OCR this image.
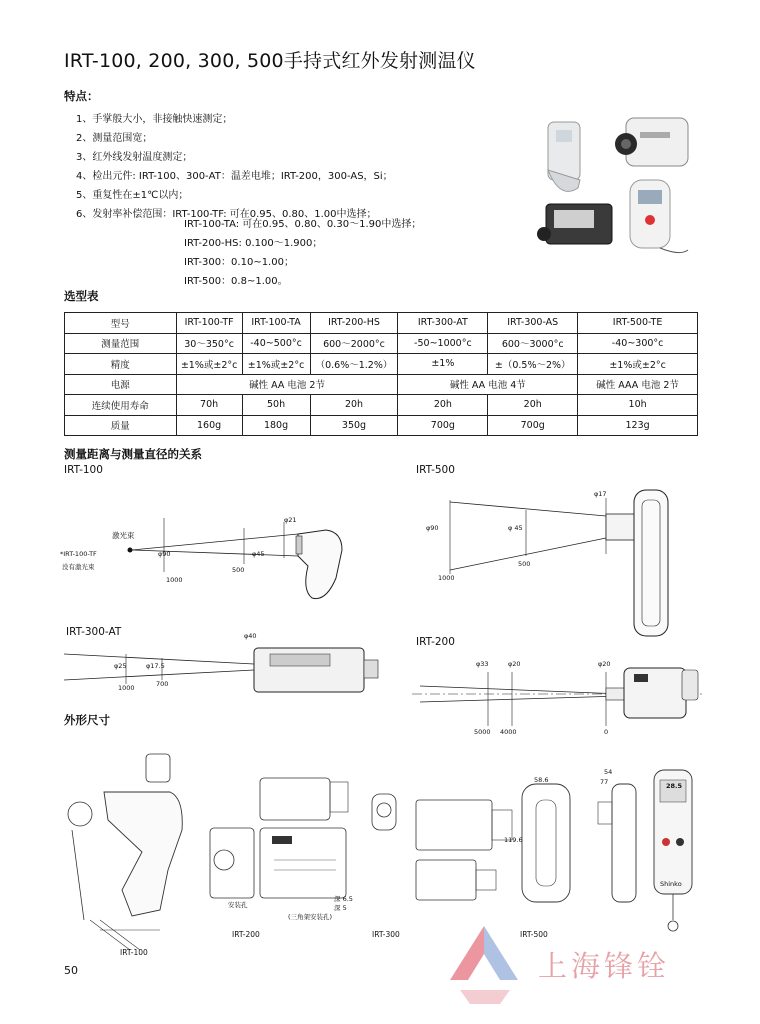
IRT-100, 200, 300, 500手持式红外发射测温仪
特点：
1、手掌般大小，非接触快速测定；
2、测量范围宽；
3、红外线发射温度测定；
4、检出元件: IRT-100、300-AT：温差电堆；IRT-200，300-AS，Si；
5、重复性在±1℃以内；
6、发射率补偿范围：IRT-100-TF: 可在0.95、0.80、1.00中选择；
IRT-100-TA: 可在0.95、0.80、0.30～1.90中选择；
IRT-200-HS: 0.100～1.900；
IRT-300：0.10~1.00；
IRT-500：0.8~1.00。
选型表
型号	IRT-100-TF	IRT-100-TA	IRT-200-HS	IRT-300-AT	IRT-300-AS	IRT-500-TE
测量范围	30～350°c	-40~500°c	600～2000°c	-50~1000°c	600～3000°c	-40~300°c
精度	±1%或±2°c	±1%或±2°c	（0.6%～1.2%）	±1%	±（0.5%～2%）	±1%或±2°c
电源	碱性 AA 电池 2节			碱性 AA 电池 4节		碱性 AAA 电池 2节
连续使用寿命	70h	50h	20h	20h	20h	10h
质量	160g	180g	350g	700g	700g	123g
测量距离与测量直径的关系
IRT-100
激光束
*IRT-100-TF
没有激光束
φ21
φ45
φ90
1000
500
IRT-500
φ17
φ 45
φ90
1000
500
IRT-300-AT	φ40
φ25	φ17.5
1000	700
IRT-200
φ33	φ20	φ20
5000 4000	0
外形尺寸
IRT-100
IRT-200	IRT-300	IRT-500
安装孔
(三角架安装孔)
深 6.5
深 5
58.6
54
77
119.6
28.5
Shinko
50	上海锋铨
